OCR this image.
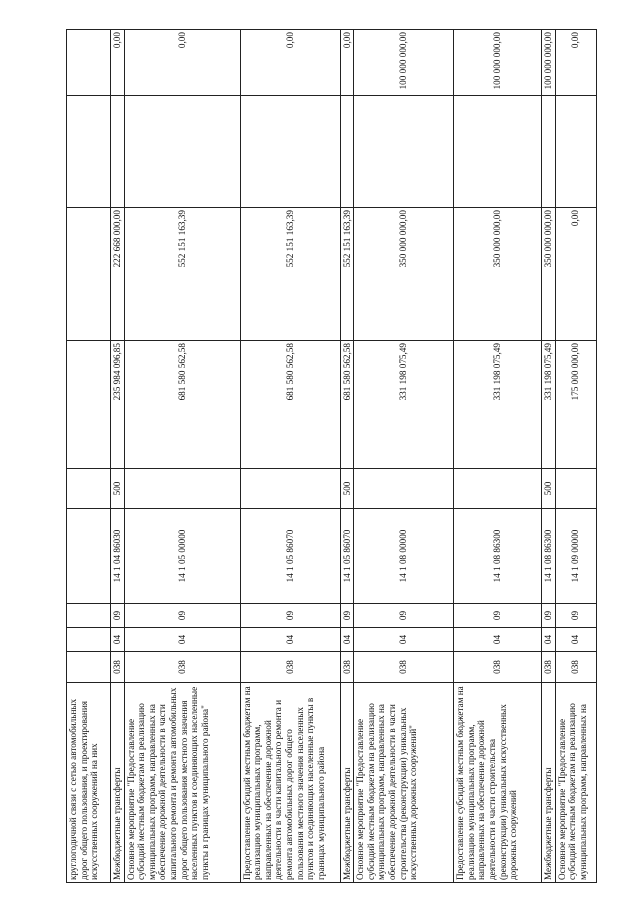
круглогодичной связи с сетью автомобильных дорог общего пользования, и проектирования искусственных сооружений на них									
Межбюджетные трансферты	038	04	09	14 1 04 86030	500	235 984 096,85	222 668 000,00		0,00
Основное мероприятие "Предоставление субсидий местным бюджетам на реализацию муниципальных программ, направленных на обеспечение дорожной деятельности в части капитального ремонта и ремонта автомобильных дорог общего пользования местного значения населенных пунктов и соединяющих населенные пункты в границах муниципального района"	038	04	09	14 1 05 00000		681 580 562,58	552 151 163,39		0,00
Предоставление субсидий местным бюджетам на реализацию муниципальных программ, направленных на обеспечение дорожной деятельности в части капитального ремонта и ремонта автомобильных дорог общего пользования местного значения населенных пунктов и соединяющих населенные пункты в границах муниципального района	038	04	09	14 1 05 86070		681 580 562,58	552 151 163,39		0,00
Межбюджетные трансферты	038	04	09	14 1 05 86070	500	681 580 562,58	552 151 163,39		0,00
Основное мероприятие "Предоставление субсидий местным бюджетам на реализацию муниципальных программ, направленных на обеспечение дорожной деятельности в части строительства (реконструкции) уникальных искусственных дорожных сооружений"	038	04	09	14 1 08 00000		331 198 075,49	350 000 000,00		100 000 000,00
Предоставление субсидий местным бюджетам на реализацию муниципальных программ, направленных на обеспечение дорожной деятельности в части строительства (реконструкции) уникальных искусственных дорожных сооружений	038	04	09	14 1 08 86300		331 198 075,49	350 000 000,00		100 000 000,00
Межбюджетные трансферты	038	04	09	14 1 08 86300	500	331 198 075,49	350 000 000,00		100 000 000,00
Основное мероприятие "Предоставление субсидий местным бюджетам на реализацию муниципальных программ, направленных на	038	04	09	14 1 09 00000		175 000 000,00	0,00		0,00
